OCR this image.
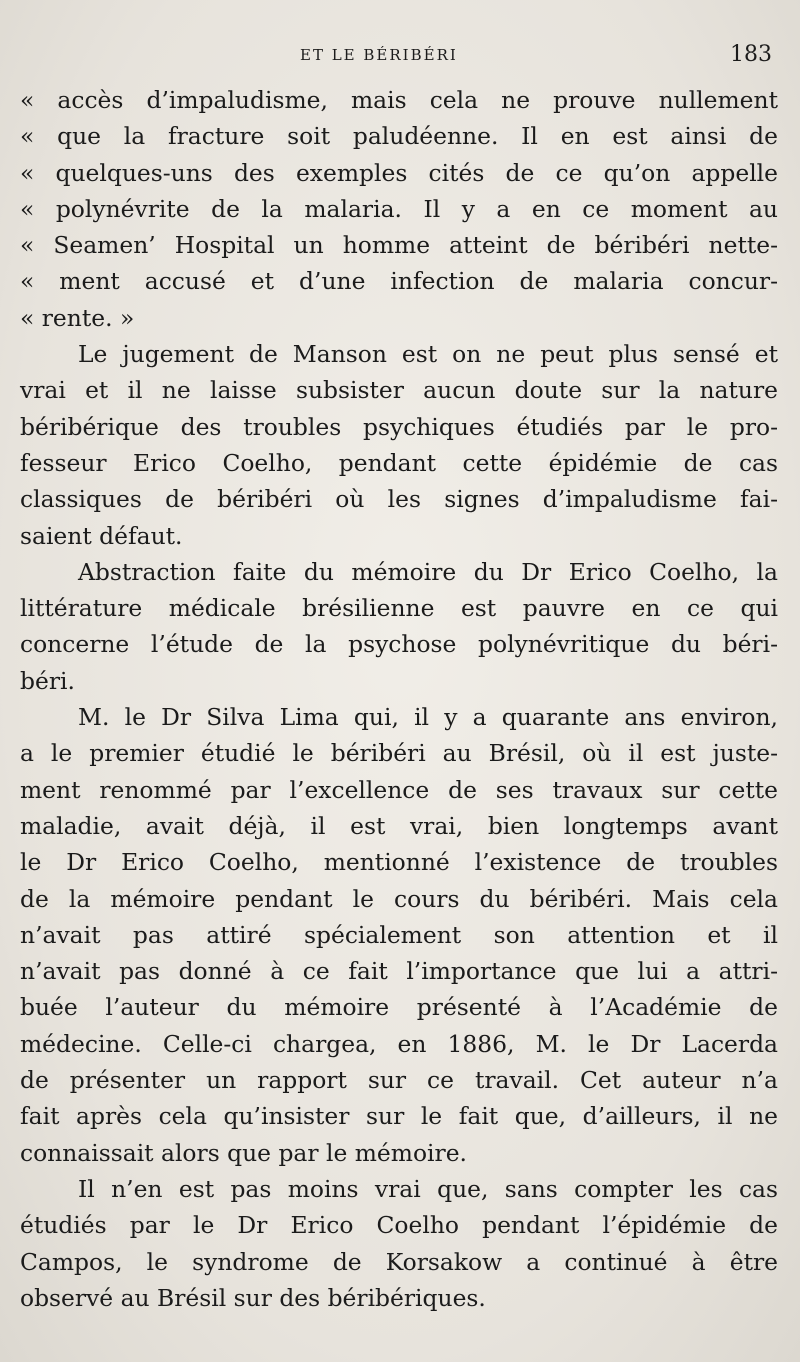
ET LE BÉRIBÉRI	183
« accès d’impaludisme, mais cela ne prouve nullement
« que la fracture soit paludéenne. Il en est ainsi de
« quelques-uns des exemples cités de ce qu’on appelle
« polynévrite de la malaria. Il y a en ce moment au
« Seamen’ Hospital un homme atteint de béribéri nette-
« ment accusé et d’une infection de malaria concur-
« rente. »
Le jugement de Manson est on ne peut plus sensé et
vrai et il ne laisse subsister aucun doute sur la nature
béribérique des troubles psychiques étudiés par le pro-
fesseur Erico Coelho, pendant cette épidémie de cas
classiques de béribéri où les signes d’impaludisme fai-
saient défaut.
Abstraction faite du mémoire du Dr Erico Coelho, la
littérature médicale brésilienne est pauvre en ce qui
concerne l’étude de la psychose polynévritique du béri-
béri.
M. le Dr Silva Lima qui, il y a quarante ans environ,
a le premier étudié le béribéri au Brésil, où il est juste-
ment renommé par l’excellence de ses travaux sur cette
maladie, avait déjà, il est vrai, bien longtemps avant
le Dr Erico Coelho, mentionné l’existence de troubles
de la mémoire pendant le cours du béribéri. Mais cela
n’avait pas attiré spécialement son attention et il
n’avait pas donné à ce fait l’importance que lui a attri-
buée l’auteur du mémoire présenté à l’Académie de
médecine. Celle-ci chargea, en 1886, M. le Dr Lacerda
de présenter un rapport sur ce travail. Cet auteur n’a
fait après cela qu’insister sur le fait que, d’ailleurs, il ne
connaissait alors que par le mémoire.
Il n’en est pas moins vrai que, sans compter les cas
étudiés par le Dr Erico Coelho pendant l’épidémie de
Campos, le syndrome de Korsakow a continué à être
observé au Brésil sur des béribériques.
